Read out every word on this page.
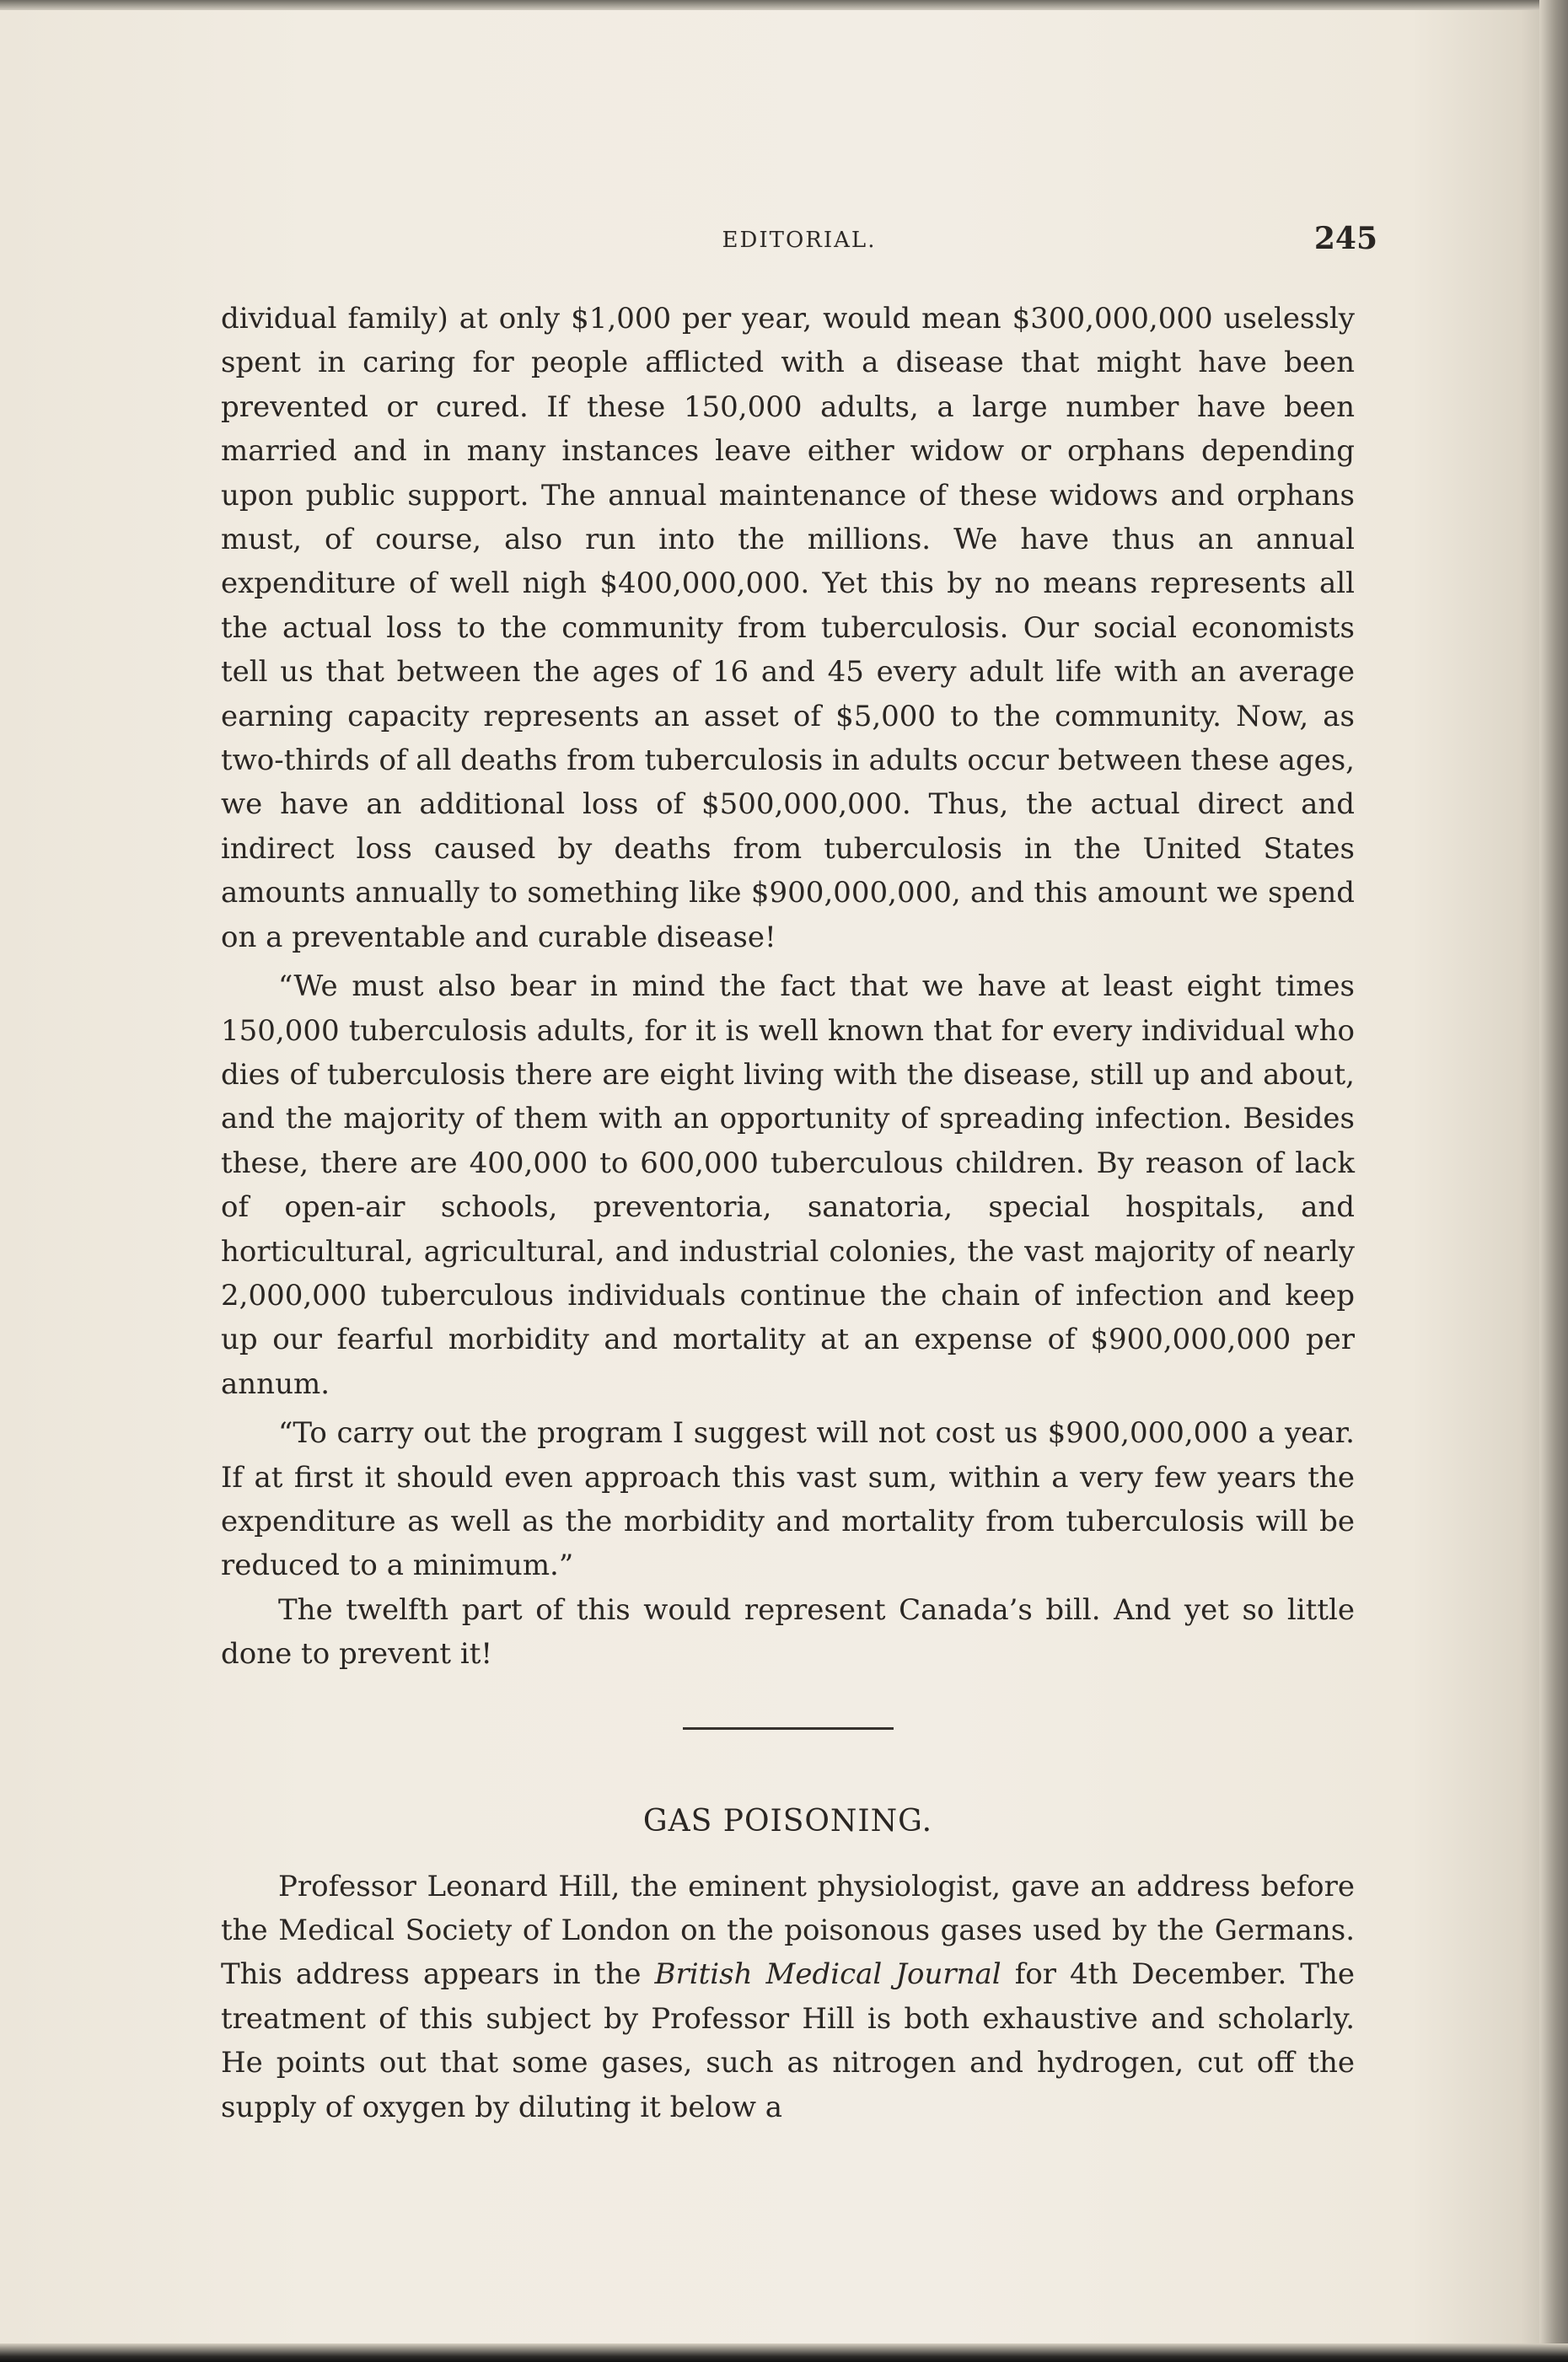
EDITORIAL.	245

dividual family) at only $1,000 per year, would mean $300,000,000 uselessly spent in caring for people afflicted with a disease that might have been prevented or cured. If these 150,000 adults, a large number have been married and in many instances leave either widow or orphans depending upon public support. The annual maintenance of these widows and orphans must, of course, also run into the millions. We have thus an annual expenditure of well nigh $400,000,000. Yet this by no means represents all the actual loss to the community from tuberculosis. Our social economists tell us that between the ages of 16 and 45 every adult life with an average earning capacity represents an asset of $5,000 to the community. Now, as two-thirds of all deaths from tuberculosis in adults occur between these ages, we have an additional loss of $500,000,000. Thus, the actual direct and indirect loss caused by deaths from tuberculosis in the United States amounts annually to something like $900,000,000, and this amount we spend on a preventable and curable disease!

“We must also bear in mind the fact that we have at least eight times 150,000 tuberculosis adults, for it is well known that for every individual who dies of tuberculosis there are eight living with the disease, still up and about, and the majority of them with an opportunity of spreading infection. Besides these, there are 400,000 to 600,000 tuberculous children. By reason of lack of open-air schools, preventoria, sanatoria, special hospitals, and horticultural, agricultural, and industrial colonies, the vast majority of nearly 2,000,000 tuberculous individuals continue the chain of infection and keep up our fearful morbidity and mortality at an expense of $900,000,000 per annum.

“To carry out the program I suggest will not cost us $900,000,000 a year. If at first it should even approach this vast sum, within a very few years the expenditure as well as the morbidity and mortality from tuberculosis will be reduced to a minimum.”

The twelfth part of this would represent Canada’s bill. And yet so little done to prevent it!

GAS POISONING.

Professor Leonard Hill, the eminent physiologist, gave an address before the Medical Society of London on the poisonous gases used by the Germans. This address appears in the British Medical Journal for 4th December. The treatment of this subject by Professor Hill is both exhaustive and scholarly. He points out that some gases, such as nitrogen and hydrogen, cut off the supply of oxygen by diluting it below a
